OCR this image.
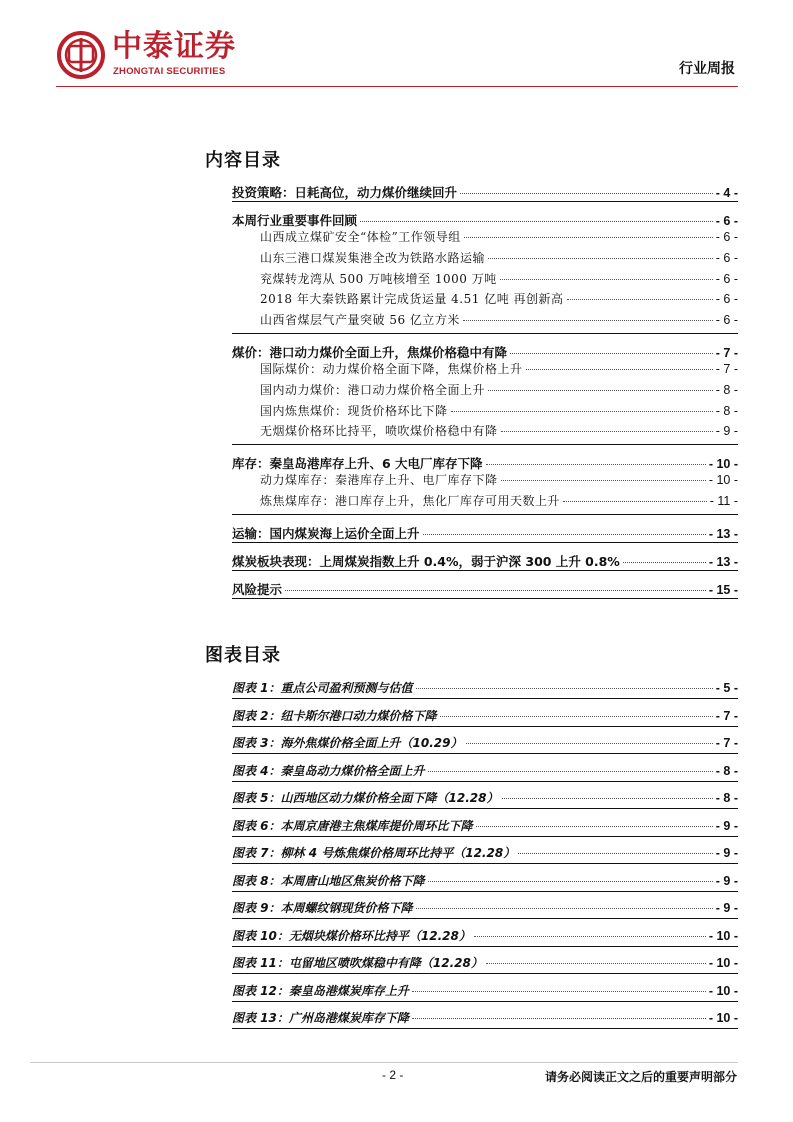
中泰证券
ZHONGTAI SECURITIES	行业周报
内容目录
投资策略：日耗高位，动力煤价继续回升	- 4 -
本周行业重要事件回顾	- 6 -
山西成立煤矿安全“体检”工作领导组	- 6 -
山东三港口煤炭集港全改为铁路水路运输	- 6 -
兖煤转龙湾从 500 万吨核增至 1000 万吨	- 6 -
2018 年大秦铁路累计完成货运量 4.51 亿吨 再创新高	- 6 -
山西省煤层气产量突破 56 亿立方米	- 6 -
煤价：港口动力煤价全面上升，焦煤价格稳中有降	- 7 -
国际煤价：动力煤价格全面下降，焦煤价格上升	- 7 -
国内动力煤价：港口动力煤价格全面上升	- 8 -
国内炼焦煤价：现货价格环比下降	- 8 -
无烟煤价格环比持平，喷吹煤价格稳中有降	- 9 -
库存：秦皇岛港库存上升、6 大电厂库存下降	- 10 -
动力煤库存：秦港库存上升、电厂库存下降	- 10 -
炼焦煤库存：港口库存上升，焦化厂库存可用天数上升	- 11 -
运输：国内煤炭海上运价全面上升	- 13 -
煤炭板块表现：上周煤炭指数上升 0.4%，弱于沪深 300 上升 0.8%	- 13 -
风险提示	- 15 -
图表目录
图表 1：重点公司盈利预测与估值	- 5 -
图表 2：纽卡斯尔港口动力煤价格下降	- 7 -
图表 3：海外焦煤价格全面上升（10.29）	- 7 -
图表 4：秦皇岛动力煤价格全面上升	- 8 -
图表 5：山西地区动力煤价格全面下降（12.28）	- 8 -
图表 6：本周京唐港主焦煤库提价周环比下降	- 9 -
图表 7：柳林 4 号炼焦煤价格周环比持平（12.28）	- 9 -
图表 8：本周唐山地区焦炭价格下降	- 9 -
图表 9：本周螺纹钢现货价格下降	- 9 -
图表 10：无烟块煤价格环比持平（12.28）	- 10 -
图表 11：屯留地区喷吹煤稳中有降（12.28）	- 10 -
图表 12：秦皇岛港煤炭库存上升	- 10 -
图表 13：广州岛港煤炭库存下降	- 10 -
- 2 -	请务必阅读正文之后的重要声明部分
